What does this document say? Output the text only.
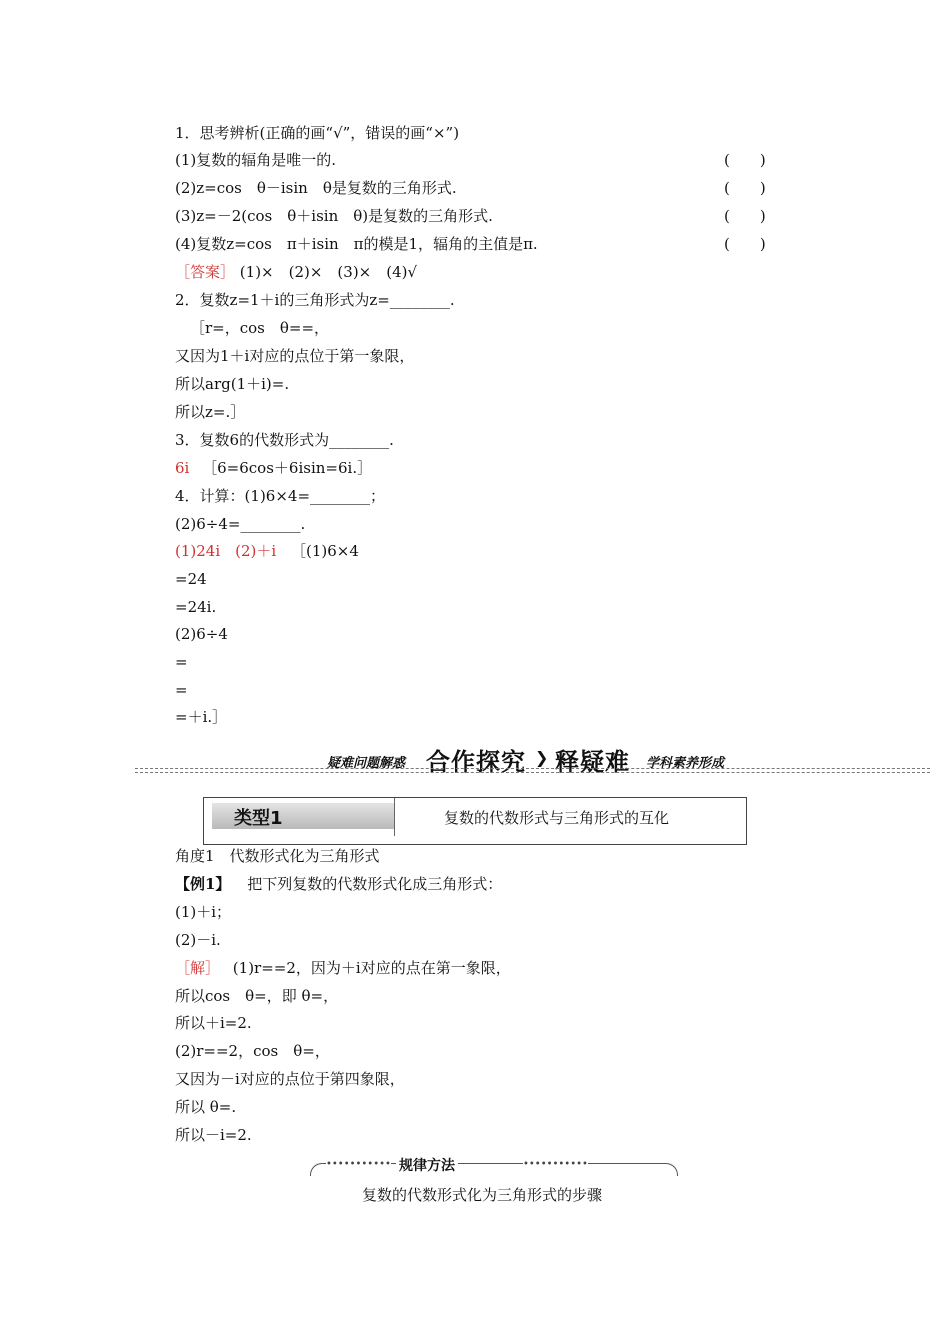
1．思考辨析(正确的画“√”，错误的画“×”)
(1)复数的辐角是唯一的.	(　　)
(2)z=cos　θ－isin　θ是复数的三角形式.	(　　)
(3)z=－2(cos　θ＋isin　θ)是复数的三角形式.	(　　)
(4)复数z=cos　π＋isin　π的模是1，辐角的主值是π.	(　　)
［答案］ (1)×　(2)×　(3)×　(4)√
2．复数z=1＋i的三角形式为z=________.
［r=，cos　θ==，
又因为1＋i对应的点位于第一象限，
所以arg(1＋i)=.
所以z=.］
3．复数6的代数形式为________.
6i ［6=6cos＋6isin=6i.］
4．计算：(1)6×4=________；
(2)6÷4=________.
(1)24i　(2)＋i ［(1)6×4
=24
=24i.
(2)6÷4
=
=
=＋i.］
疑难问题解惑 合作探究 ❯ 释疑难 学科素养形成
类型1	复数的代数形式与三角形式的互化
角度1　代数形式化为三角形式
【例1】 把下列复数的代数形式化成三角形式：
(1)＋i；
(2)－i.
［解］ (1)r==2，因为＋i对应的点在第一象限，
所以cos　θ=，即 θ=，
所以＋i=2.
(2)r==2，cos　θ=，
又因为－i对应的点位于第四象限，
所以 θ=.
所以－i=2.
••••••••••• 规律方法	•••••••••••
复数的代数形式化为三角形式的步骤
